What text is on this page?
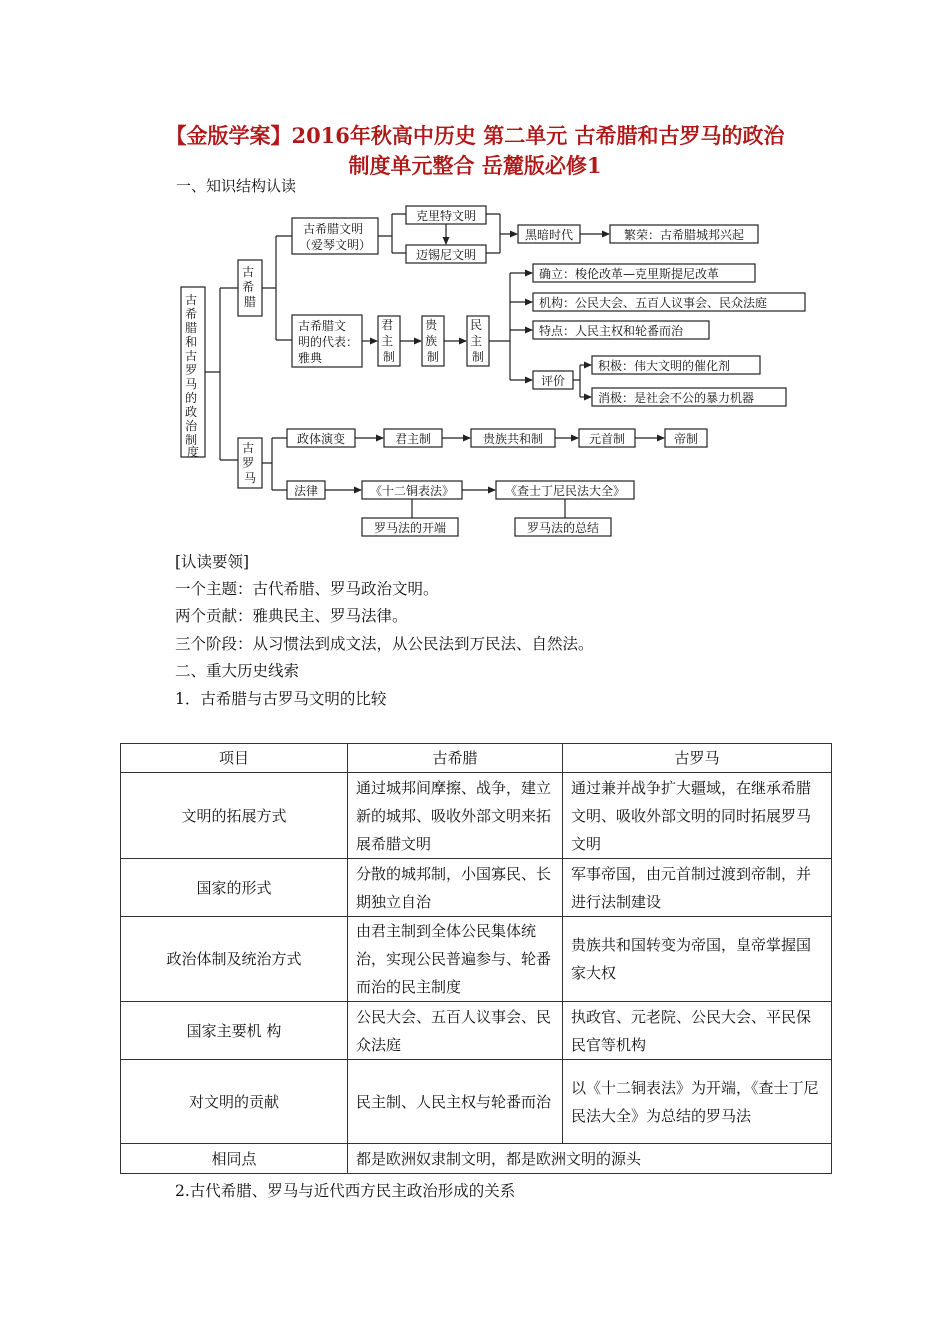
【金版学案】2016年秋高中历史 第二单元 古希腊和古罗马的政治
制度单元整合 岳麓版必修1
一、知识结构认读
古 希 腊 和 古 罗 马 的 政 治 制 度
古 希 腊
古希腊文明 （爱琴文明）
克里特文明
迈锡尼文明
黑暗时代	繁荣：古希腊城邦兴起
古希腊文 明的代表： 雅典
君 主 制
贵 族 制
民 主 制
确立：梭伦改革—克里斯提尼改革
机构：公民大会、五百人议事会、民众法庭
特点：人民主权和轮番而治
评价
积极：伟大文明的催化剂
消极：是社会不公的暴力机器
古 罗 马
政体演变	君主制	贵族共和制	元首制	帝制
法律	《十二铜表法》	《查士丁尼民法大全》
罗马法的开端	罗马法的总结
[认读要领]
一个主题：古代希腊、罗马政治文明。
两个贡献：雅典民主、罗马法律。
三个阶段：从习惯法到成文法，从公民法到万民法、自然法。
二、重大历史线索
1．古希腊与古罗马文明的比较
项目	古希腊	古罗马
文明的拓展方式	通过城邦间摩擦、战争，建立新的城邦、吸收外部文明来拓展希腊文明	通过兼并战争扩大疆域，在继承希腊文明、吸收外部文明的同时拓展罗马文明
国家的形式	分散的城邦制，小国寡民、长期独立自治	军事帝国，由元首制过渡到帝制，并进行法制建设
政治体制及统治方式	由君主制到全体公民集体统治，实现公民普遍参与、轮番而治的民主制度	贵族共和国转变为帝国，皇帝掌握国家大权
国家主要机 构	公民大会、五百人议事会、民众法庭	执政官、元老院、公民大会、平民保民官等机构
对文明的贡献	民主制、人民主权与轮番而治	以《十二铜表法》为开端，《查士丁尼民法大全》为总结的罗马法
相同点	都是欧洲奴隶制文明，都是欧洲文明的源头	
2.古代希腊、罗马与近代西方民主政治形成的关系
